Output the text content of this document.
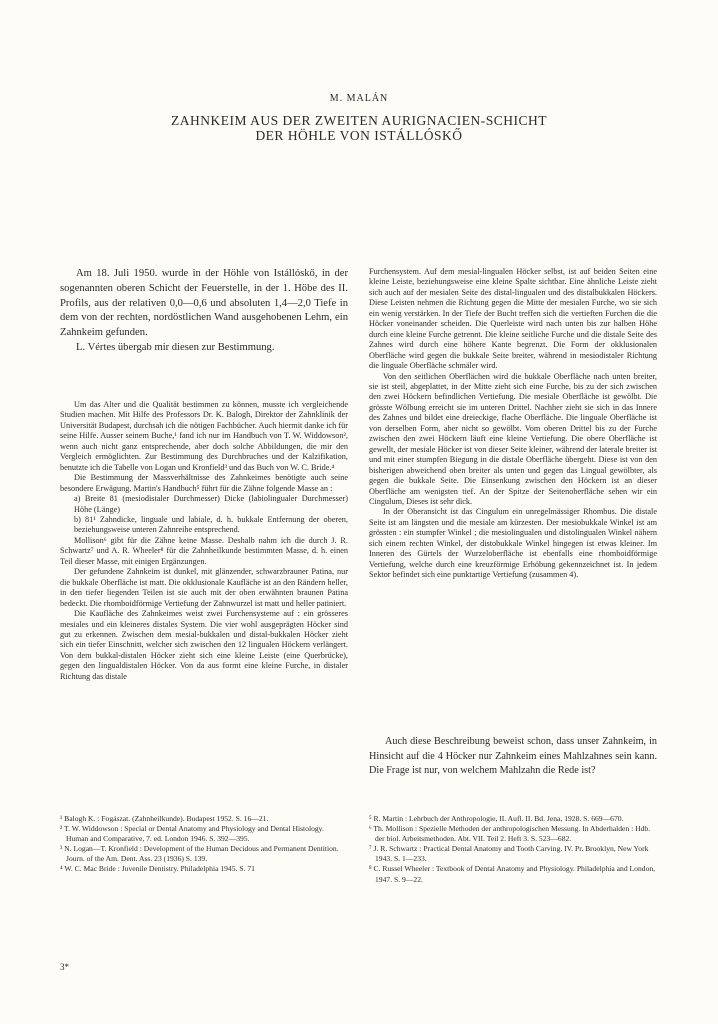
M. MALÁN
ZAHNKEIM AUS DER ZWEITEN AURIGNACIEN-SCHICHT
DER HÖHLE VON ISTÁLLÓSKŐ

Am 18. Juli 1950. wurde in der Höhle von Istállóskő, in der sogenannten oberen Schicht der Feuerstelle, in der 1. Höbe des II. Profils, aus der relativen 0,0—0,6 und absoluten 1,4—2,0 Tiefe in dem von der rechten, nordöstlichen Wand ausgehobenen Lehm, ein Zahnkeim gefunden.

L. Vértes übergab mir diesen zur Bestimmung.

Um das Alter und die Qualität bestimmen zu können, musste ich vergleichende Studien machen. Mit Hilfe des Professors Dr. K. Balogh, Direktor der Zahnklinik der Universität Budapest, durchsah ich die nötigen Fachbücher. Auch hiermit danke ich für seine Hilfe. Ausser seinem Buche,¹ fand ich nur im Handbuch von T. W. Widdowson², wenn auch nicht ganz entsprechende, aber doch solche Abbildungen, die mir den Vergleich ermöglichten. Zur Bestimmung des Durchbruches und der Kalzifikation, benutzte ich die Tabelle von Logan und Kronfield³ und das Buch von W. C. Bride.⁴

Die Bestimmung der Massverhältnisse des Zahnkeimes benötigte auch seine besondere Erwägung. Martin's Handbuch⁵ führt für die Zähne folgende Masse an :

a) Breite 81 (mesiodistaler Durchmesser) Dicke (labiolingualer Durchmesser) Höhe (Länge)

b) 81¹ Zahndicke, linguale und labiale, d. h. bukkale Entfernung der oberen, beziehungsweise unteren Zahnreihe entsprechend.

Mollison⁶ gibt für die Zähne keine Masse. Deshalb nahm ich die durch J. R. Schwartz⁷ und A. R. Wheeler⁸ für die Zahnheilkunde bestimmten Masse, d. h. einen Teil dieser Masse, mit einigen Ergänzungen.

Der gefundene Zahnkeim ist dunkel, mit glänzender, schwarzbrauner Patina, nur die bukkale Oberfläche ist matt. Die okklusionale Kaufläche ist an den Rändern heller, in den tiefer liegenden Teilen ist sie auch mit der oben erwähnten braunen Patina bedeckt. Die rhomboidförmige Vertiefung der Zahnwurzel ist matt und heller patiniert.

Die Kaufläche des Zahnkeimes weist zwei Furchensysteme auf : ein grösseres mesiales und ein kleineres distales System. Die vier wohl ausgeprägten Höcker sind gut zu erkennen. Zwischen dem mesial-bukkalen und distal-bukkalen Höcker zieht sich ein tiefer Einschnitt, welcher sich zwischen den 12 lingualen Höckern verlängert. Von dem bukkal-distalen Höcker zieht sich eine kleine Leiste (eine Querbrücke), gegen den lingualdistalen Höcker. Von da aus formt eine kleine Furche, in distaler Richtung das distale

Furchensystem. Auf dem mesial-lingualen Höcker selbst, ist auf beiden Seiten eine kleine Leiste, beziehungsweise eine kleine Spalte sichtbar. Eine ähnliche Leiste zieht sich auch auf der mesialen Seite des distal-lingualen und des distalbukkalen Höckers. Diese Leisten nehmen die Richtung gegen die Mitte der mesialen Furche, wo sie sich ein wenig verstärken. In der Tiefe der Bucht treffen sich die vertieften Furchen die die Höcker voneinander scheiden. Die Querleiste wird nach unten bis zur halben Höhe durch eine kleine Furche getrennt. Die kleine seitliche Furche und die distale Seite des Zahnes wird durch eine höhere Kante begrenzt. Die Form der okklusionalen Oberfläche wird gegen die bukkale Seite breiter, während in mesiodistaler Richtung die linguale Oberfläche schmäler wird.

Von den seitlichen Oberflächen wird die bukkale Oberfläche nach unten breiter, sie ist steil, abgeplattet, in der Mitte zieht sich eine Furche, bis zu der sich zwischen den zwei Höckern befindlichen Vertiefung. Die mesiale Oberfläche ist gewölbt. Die grösste Wölbung erreicht sie im unteren Drittel. Nachher zieht sie sich in das Innere des Zahnes und bildet eine dreieckige, flache Oberfläche. Die linguale Oberfläche ist von derselben Form, aber nicht so gewölbt. Vom oberen Drittel bis zu der Furche zwischen den zwei Höckern läuft eine kleine Vertiefung. Die obere Oberfläche ist gewellt, der mesiale Höcker ist von dieser Seite kleiner, während der laterale breiter ist und mit einer stumpfen Biegung in die distale Oberfläche übergeht. Diese ist von den bisherigen abweichend oben breiter als unten und gegen das Lingual gewölbter, als gegen die bukkale Seite. Die Einsenkung zwischen den Höckern ist an dieser Oberfläche am wenigsten tief. An der Spitze der Seitenoberfläche sehen wir ein Cingulum, Dieses ist sehr dick.

In der Oberansicht ist das Cingulum ein unregelmässiger Rhombus. Die distale Seite ist am längsten und die mesiale am kürzesten. Der mesiobukkale Winkel ist am grössten : ein stumpfer Winkel ; die mesiolingualen und distolingualen Winkel nähern sich einem rechten Winkel, der distobukkale Winkel hingegen ist etwas kleiner. Im Inneren des Gürtels der Wurzeloberfläche ist ebenfalls eine rhomboidförmige Vertiefung, welche durch eine kreuzförmige Erhöbung gekennzeichnet ist. In jedem Sektor befindet sich eine punktartige Vertiefung (zusammen 4).

Auch diese Beschreibung beweist schon, dass unser Zahnkeim, in Hinsicht auf die 4 Höcker nur Zahnkeim eines Mahlzahnes sein kann. Die Frage ist nur, von welchem Mahlzahn die Rede ist?

¹ Balogh K. : Fogászat. (Zahnheilkunde). Budapest 1952. S. 16—21.

² T. W. Widdowson : Special or Dental Anatomy and Physiology and Dental Histology. Human and Comparative, 7. ed. London 1946. S. 392—395.

³ N. Logan—T. Kronfield : Development of the Human Decidous and Permanent Dentition. Journ. of the Am. Dent. Ass. 23 (1936) S. 139.

⁴ W. C. Mac Bride : Juvenile Dentistry. Philadelphia 1945. S. 71

⁵ R. Martin : Lehrbuch der Anthropologie, II. Aufl. II. Bd. Jena, 1928. S. 669—670.

⁶ Th. Mollison : Spezielle Methoden der anthropologischen Messung. In Abderhalden : Hdb. der biol. Arbeitsmethoden. Abt. VII. Teil 2. Heft 3. S. 523—682.

⁷ J. R. Schwartz : Practical Dental Anatomy and Tooth Carving. IV. Pr. Brooklyn, New York 1943. S. 1—233.

⁸ C. Russel Wheeler : Textbook of Dental Anatomy and Physiology. Philadelphia and London, 1947. S. 9—22.

3*
